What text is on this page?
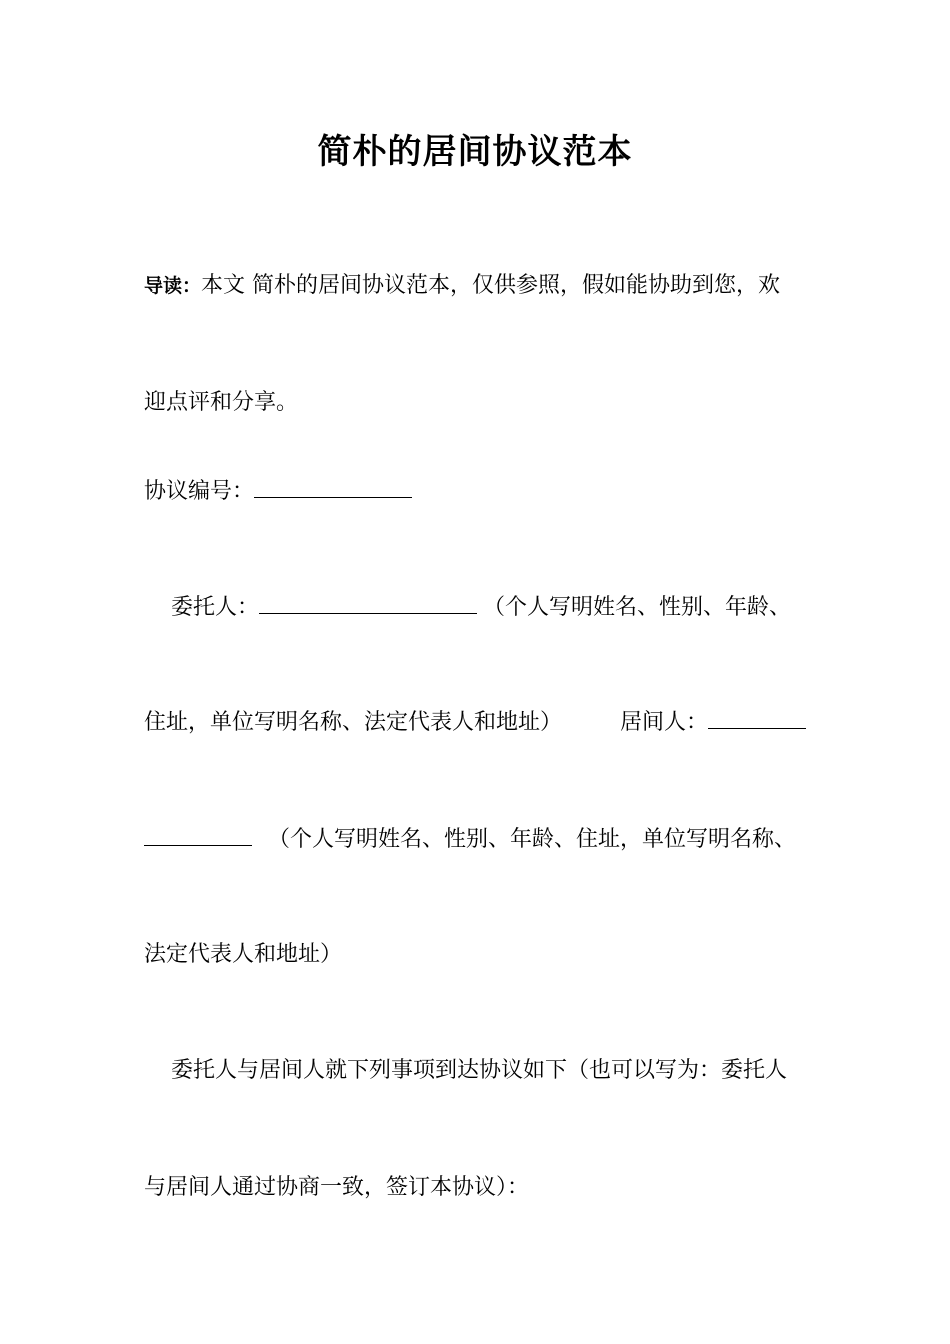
简朴的居间协议范本
导读：本文 简朴的居间协议范本，仅供参照，假如能协助到您，欢
迎点评和分享。
协议编号：
委托人：	（个人写明姓名、性别、年龄、
住址，单位写明名称、法定代表人和地址）	居间人：
（个人写明姓名、性别、年龄、住址，单位写明名称、
法定代表人和地址）
委托人与居间人就下列事项到达协议如下（也可以写为：委托人
与居间人通过协商一致，签订本协议）：
